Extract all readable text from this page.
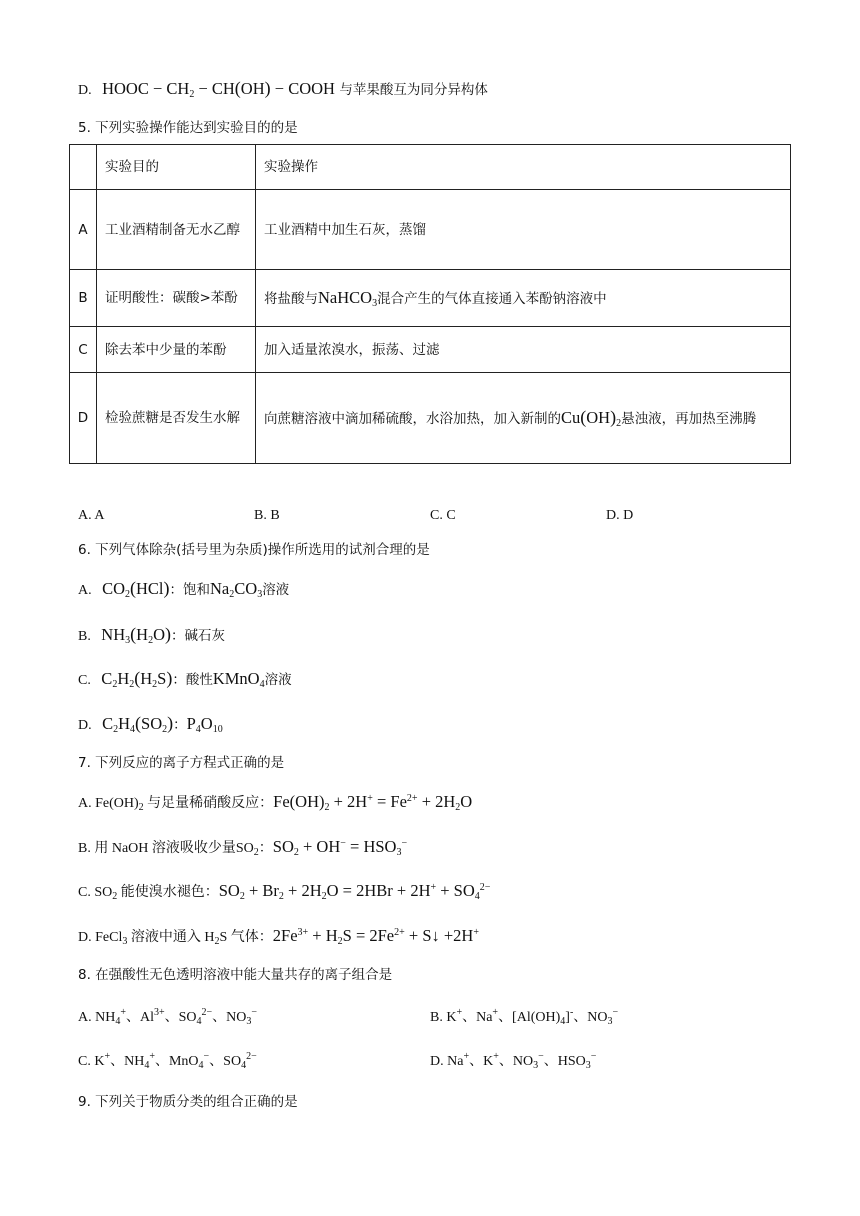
D. HOOC − $CH_2 - CH(OH)$ − COOH 与苹果酸互为同分异构体
5. 下列实验操作能达到实验目的的是
	实验目的	实验操作
A	工业酒精制备无水乙醇	工业酒精中加生石灰，蒸馏
B	证明酸性：碳酸>苯酚	将盐酸与NaHCO$_3$混合产生的气体直接通入苯酚钠溶液中
C	除去苯中少量的苯酚	加入适量浓溴水，振荡、过滤
D	检验蔗糖是否发生水解	向蔗糖溶液中滴加稀硫酸，水浴加热，加入新制的$Cu(OH)_2$悬浊液，再加热至沸腾
A. A	B. B	C. C	D. D
6. 下列气体除杂(括号里为杂质)操作所选用的试剂合理的是
A. $CO_2(HCl)$：饱和$Na_2CO_3$溶液
B. $NH_3(H_2O)$：碱石灰
C. $C_2H_2(H_2S)$：酸性KMnO$_4$溶液
D. $C_2H_4(SO_2)$：$P_4O_{10}$
7. 下列反应的离子方程式正确的是
A. $Fe(OH)_2$ 与足量稀硝酸反应：$Fe(OH)_2 + 2H^+ = Fe^{2+} + 2H_2O$
B. 用 NaOH 溶液吸收少量$SO_2$：$SO_2 + OH^- = HSO_3^-$
C. $SO_2$ 能使溴水褪色：$SO_2 + Br_2 + 2H_2O = 2HBr + 2H^+ + SO_4^{2-}$
D. FeCl$_3$ 溶液中通入 $H_2S$ 气体：$2Fe^{3+} + H_2S = 2Fe^{2+}$ + S↓ +2H+
8. 在强酸性无色透明溶液中能大量共存的离子组合是
A. $NH_4^+$、$Al^{3+}$、$SO_4^{2-}$、$NO_3^-$	B. K+、Na+、$[Al(OH)_4]^-$、$NO_3^-$
C. K+、$NH_4^+$、MnO$_4$−、$SO_4^{2-}$	D. Na+、K+、$NO_3^-$、$HSO_3^-$
9. 下列关于物质分类的组合正确的是
